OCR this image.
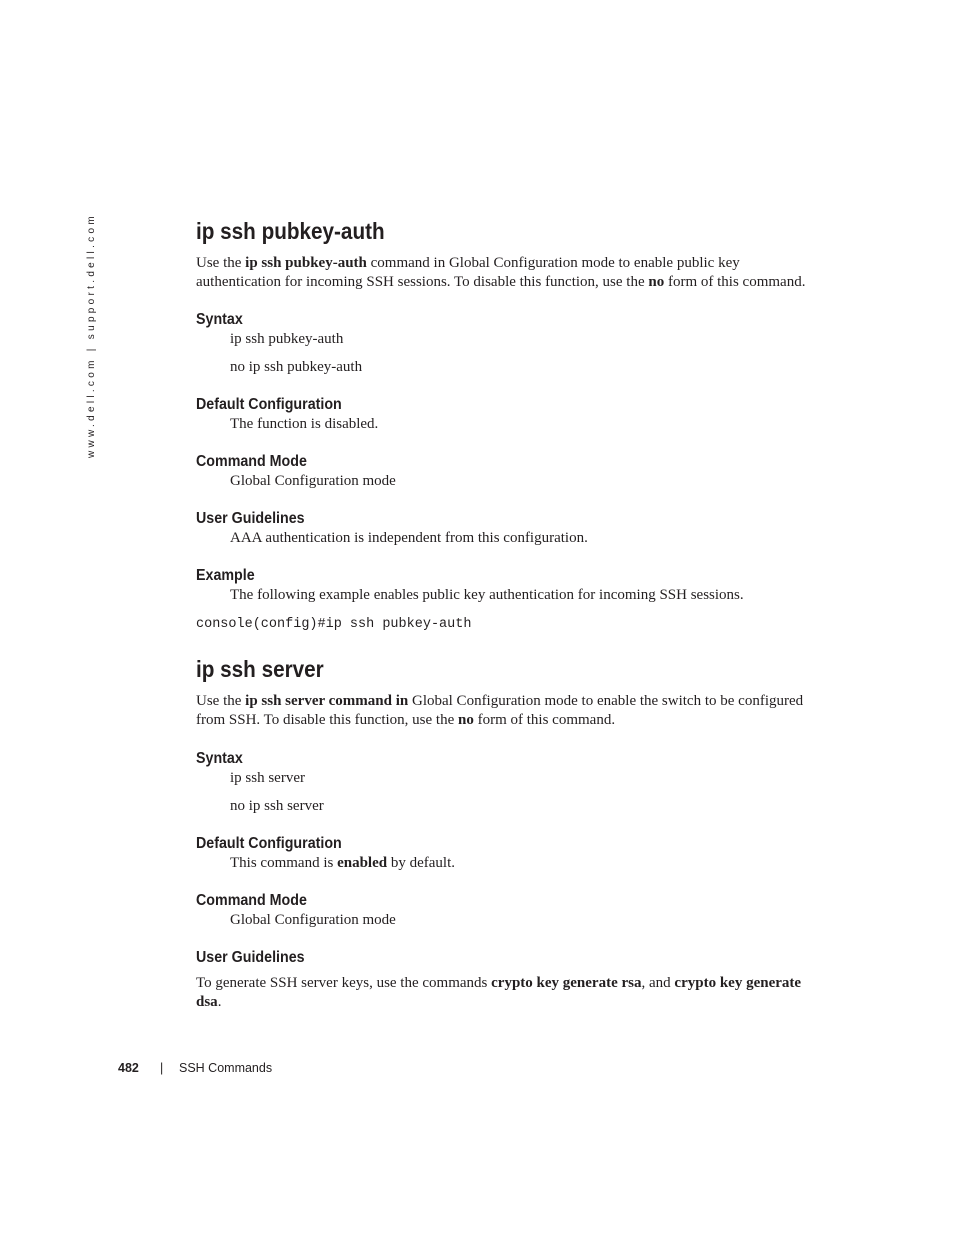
www.dell.com | support.dell.com	ip ssh pubkey-auth

Use the ip ssh pubkey-auth command in Global Configuration mode to enable public key authentication for incoming SSH sessions. To disable this function, use the no form of this command.

Syntax
ip ssh pubkey-auth
no ip ssh pubkey-auth
Default Configuration
The function is disabled.
Command Mode
Global Configuration mode
User Guidelines
AAA authentication is independent from this configuration.
Example
The following example enables public key authentication for incoming SSH sessions.
console(config)#ip ssh pubkey-auth
ip ssh server

Use the ip ssh server command in Global Configuration mode to enable the switch to be configured from SSH. To disable this function, use the no form of this command.

Syntax
ip ssh server
no ip ssh server
Default Configuration
This command is enabled by default.
Command Mode
Global Configuration mode
User Guidelines

To generate SSH server keys, use the commands crypto key generate rsa, and crypto key generate dsa.

482	|	SSH Commands
